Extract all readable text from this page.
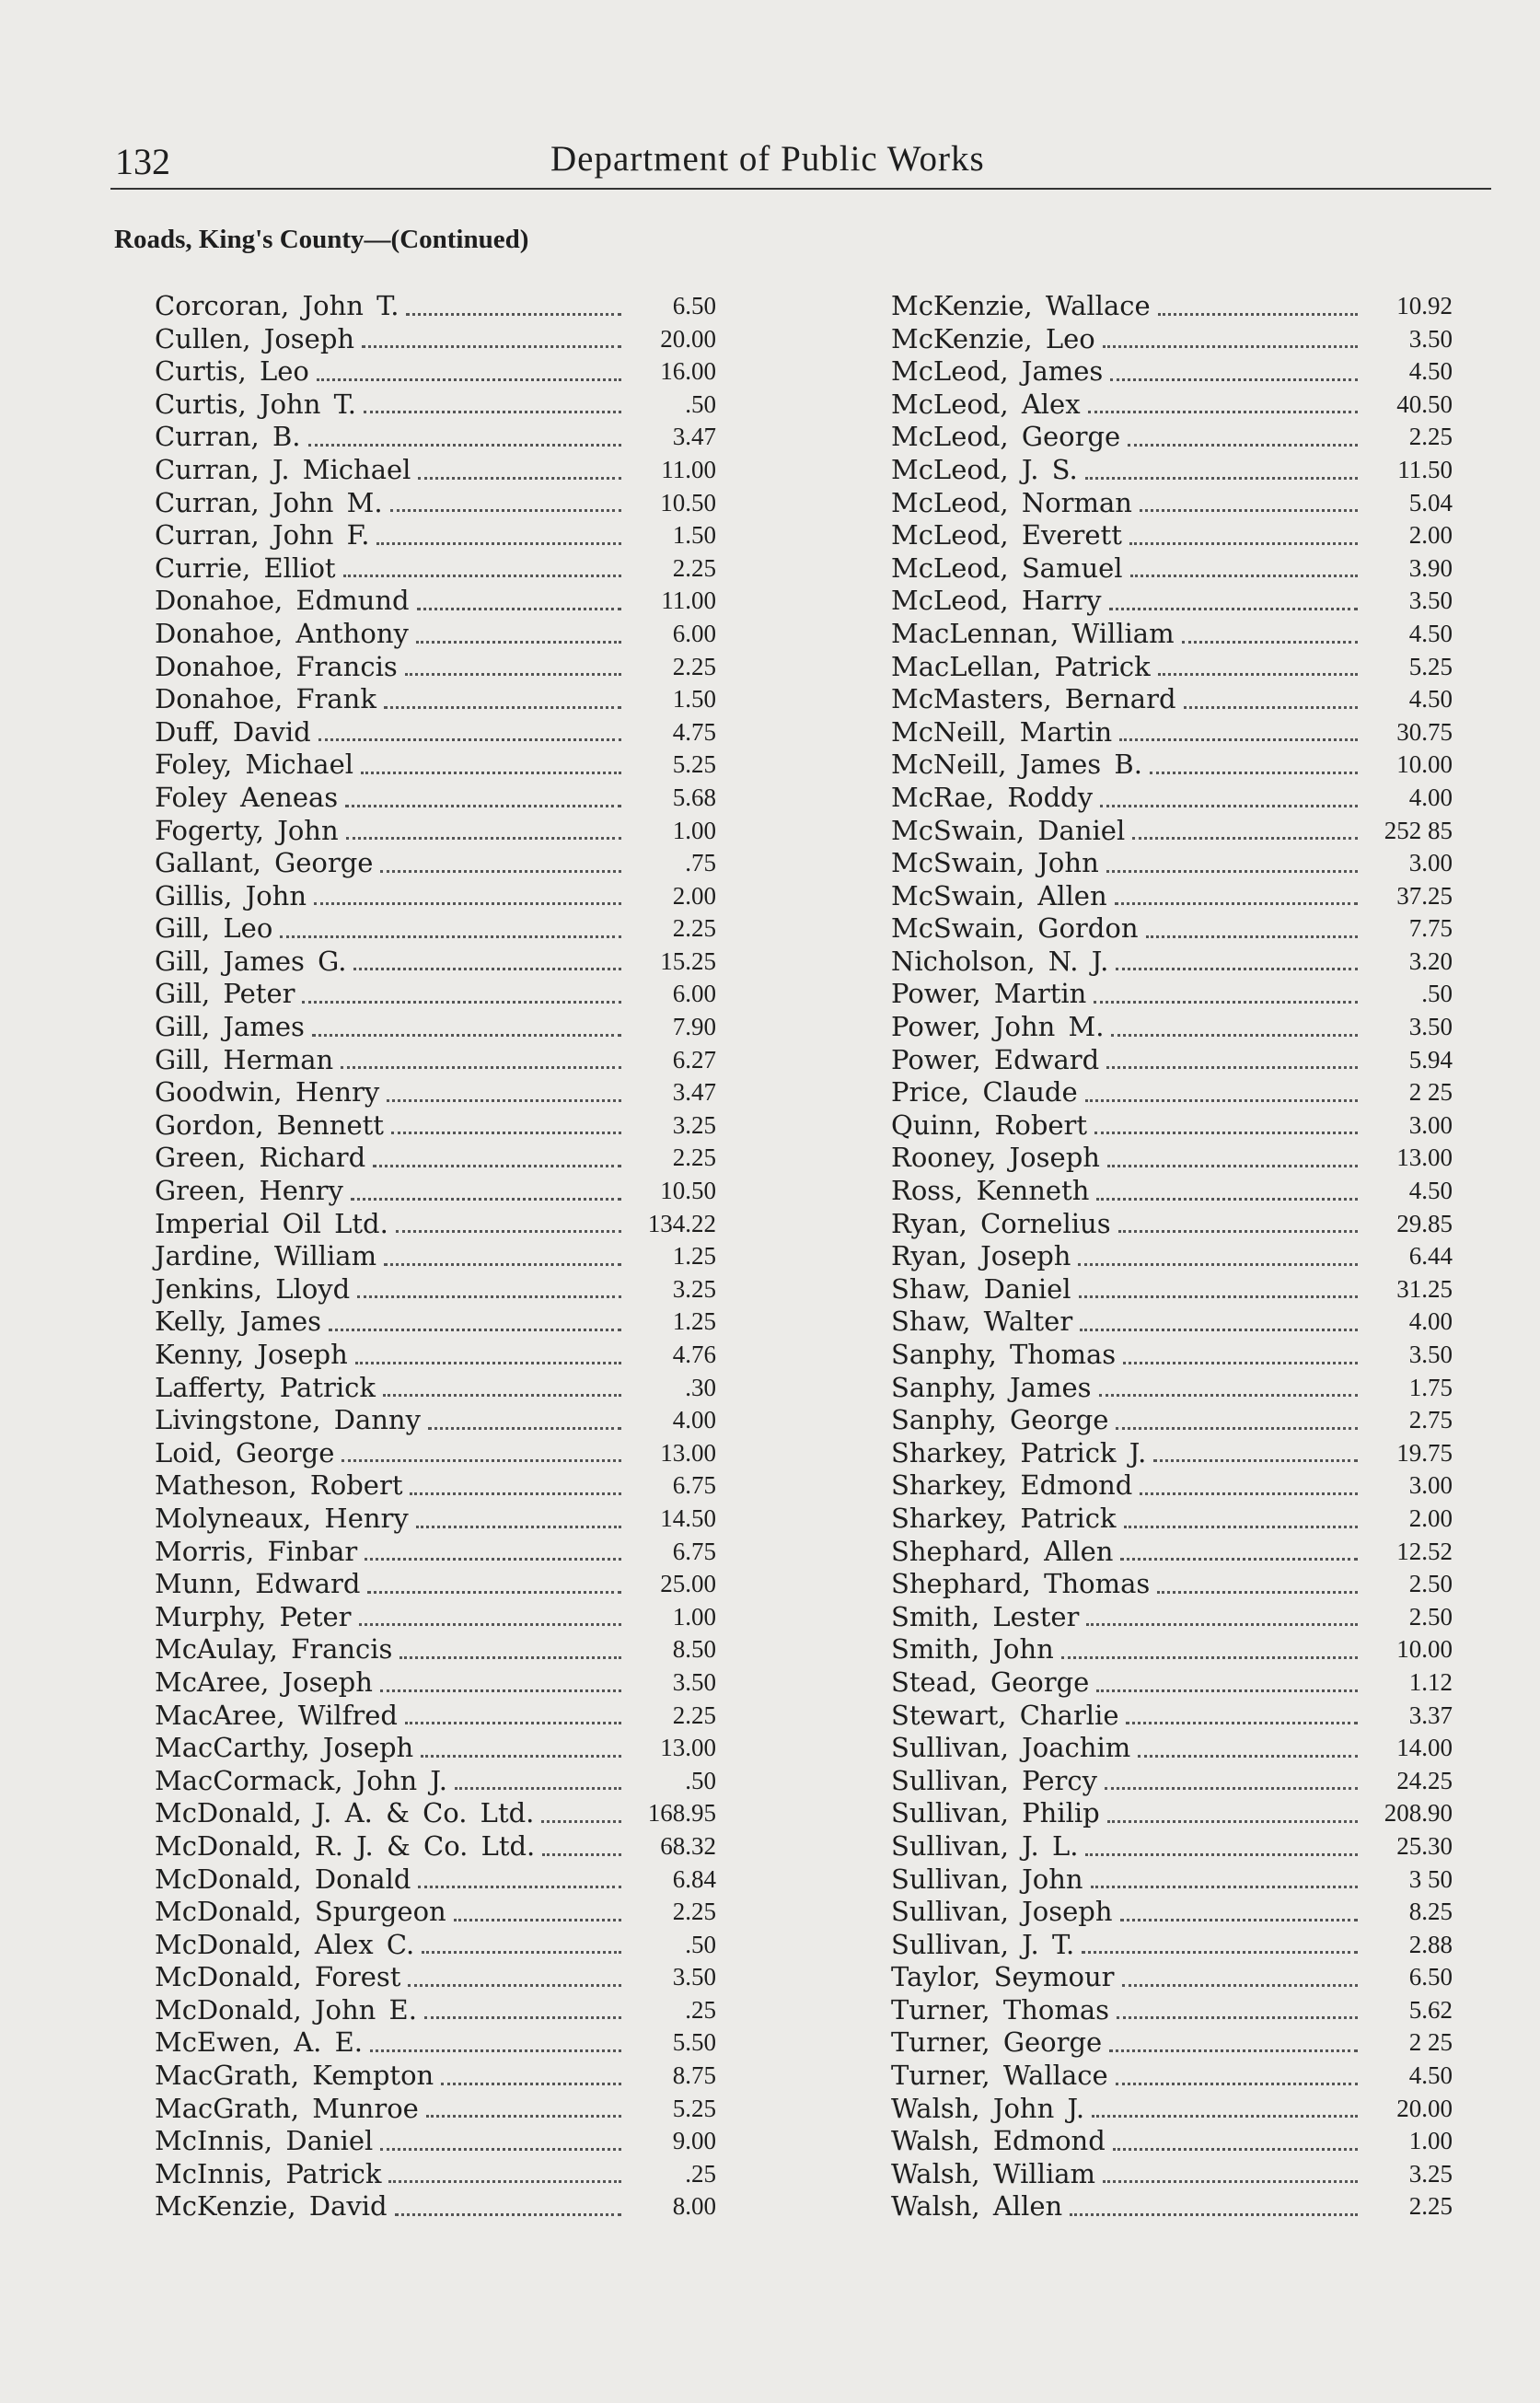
132	Department of Public Works
Roads, King's County—(Continued)
Corcoran, John T.	6.50
Cullen, Joseph	20.00
Curtis, Leo	16.00
Curtis, John T.	.50
Curran, B.	3.47
Curran, J. Michael	11.00
Curran, John M.	10.50
Curran, John F.	1.50
Currie, Elliot	2.25
Donahoe, Edmund	11.00
Donahoe, Anthony	6.00
Donahoe, Francis	2.25
Donahoe, Frank	1.50
Duff, David	4.75
Foley, Michael	5.25
Foley Aeneas	5.68
Fogerty, John	1.00
Gallant, George	.75
Gillis, John	2.00
Gill, Leo	2.25
Gill, James G.	15.25
Gill, Peter	6.00
Gill, James	7.90
Gill, Herman	6.27
Goodwin, Henry	3.47
Gordon, Bennett	3.25
Green, Richard	2.25
Green, Henry	10.50
Imperial Oil Ltd.	134.22
Jardine, William	1.25
Jenkins, Lloyd	3.25
Kelly, James	1.25
Kenny, Joseph	4.76
Lafferty, Patrick	.30
Livingstone, Danny	4.00
Loid, George	13.00
Matheson, Robert	6.75
Molyneaux, Henry	14.50
Morris, Finbar	6.75
Munn, Edward	25.00
Murphy, Peter	1.00
McAulay, Francis	8.50
McAree, Joseph	3.50
MacAree, Wilfred	2.25
MacCarthy, Joseph	13.00
MacCormack, John J.	.50
McDonald, J. A. & Co. Ltd.	168.95
McDonald, R. J. & Co. Ltd.	68.32
McDonald, Donald	6.84
McDonald, Spurgeon	2.25
McDonald, Alex C.	.50
McDonald, Forest	3.50
McDonald, John E.	.25
McEwen, A. E.	5.50
MacGrath, Kempton	8.75
MacGrath, Munroe	5.25
McInnis, Daniel	9.00
McInnis, Patrick	.25
McKenzie, David	8.00
McKenzie, Wallace	10.92
McKenzie, Leo	3.50
McLeod, James	4.50
McLeod, Alex	40.50
McLeod, George	2.25
McLeod, J. S.	11.50
McLeod, Norman	5.04
McLeod, Everett	2.00
McLeod, Samuel	3.90
McLeod, Harry	3.50
MacLennan, William	4.50
MacLellan, Patrick	5.25
McMasters, Bernard	4.50
McNeill, Martin	30.75
McNeill, James B.	10.00
McRae, Roddy	4.00
McSwain, Daniel	252 85
McSwain, John	3.00
McSwain, Allen	37.25
McSwain, Gordon	7.75
Nicholson, N. J.	3.20
Power, Martin	.50
Power, John M.	3.50
Power, Edward	5.94
Price, Claude	2 25
Quinn, Robert	3.00
Rooney, Joseph	13.00
Ross, Kenneth	4.50
Ryan, Cornelius	29.85
Ryan, Joseph	6.44
Shaw, Daniel	31.25
Shaw, Walter	4.00
Sanphy, Thomas	3.50
Sanphy, James	1.75
Sanphy, George	2.75
Sharkey, Patrick J.	19.75
Sharkey, Edmond	3.00
Sharkey, Patrick	2.00
Shephard, Allen	12.52
Shephard, Thomas	2.50
Smith, Lester	2.50
Smith, John	10.00
Stead, George	1.12
Stewart, Charlie	3.37
Sullivan, Joachim	14.00
Sullivan, Percy	24.25
Sullivan, Philip	208.90
Sullivan, J. L.	25.30
Sullivan, John	3 50
Sullivan, Joseph	8.25
Sullivan, J. T.	2.88
Taylor, Seymour	6.50
Turner, Thomas	5.62
Turner, George	2 25
Turner, Wallace	4.50
Walsh, John J.	20.00
Walsh, Edmond	1.00
Walsh, William	3.25
Walsh, Allen	2.25
